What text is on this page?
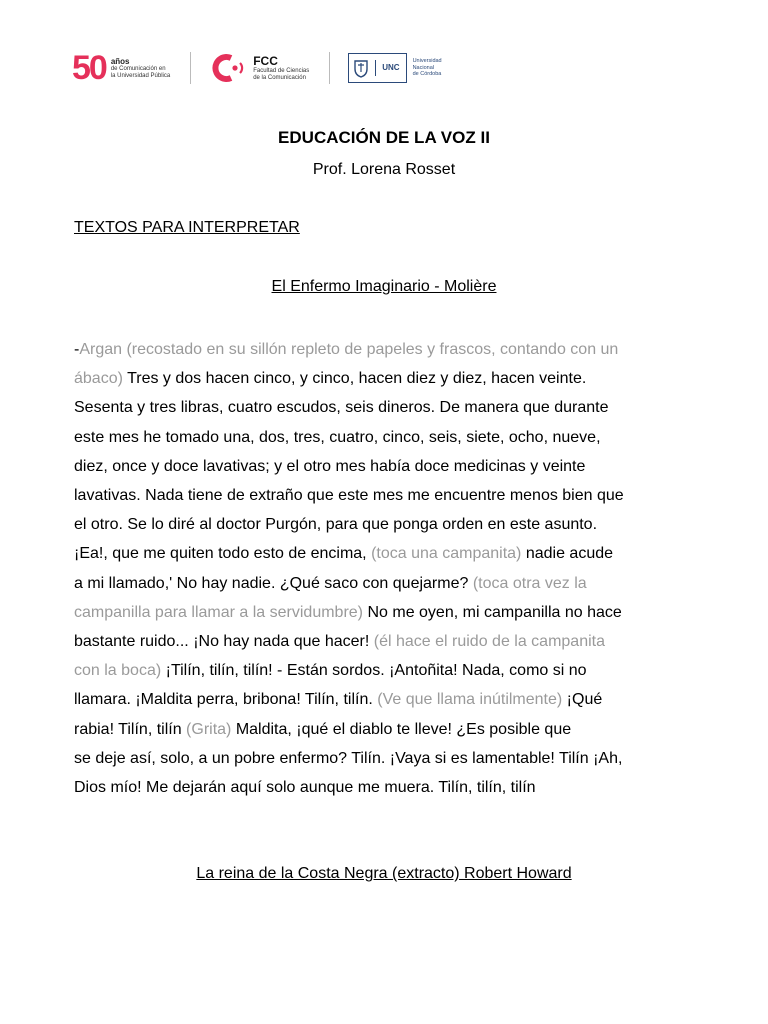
50 años
de Comunicación en
la Universidad Pública
FCC
Facultad de Ciencias
de la Comunicación
UNC
Universidad
Nacional
de Córdoba
EDUCACIÓN DE LA VOZ II
Prof. Lorena Rosset
TEXTOS PARA INTERPRETAR
El Enfermo Imaginario - Molière
-Argan (recostado en su sillón repleto de papeles y frascos, contando con un
ábaco) Tres y dos hacen cinco, y cinco, hacen diez y diez, hacen veinte.
Sesenta y tres libras, cuatro escudos, seis dineros. De manera que durante
este mes he tomado una, dos, tres, cuatro, cinco, seis, siete, ocho, nueve,
diez, once y doce lavativas; y el otro mes había doce medicinas y veinte
lavativas. Nada tiene de extraño que este mes me encuentre menos bien que
el otro. Se lo diré al doctor Purgón, para que ponga orden en este asunto.
¡Ea!, que me quiten todo esto de encima, (toca una campanita) nadie acude
a mi llamado,' No hay nadie. ¿Qué saco con quejarme? (toca otra vez la
campanilla para llamar a la servidumbre) No me oyen, mi campanilla no hace
bastante ruido... ¡No hay nada que hacer! (él hace el ruido de la campanita
con la boca) ¡Tilín, tilín, tilín! - Están sordos. ¡Antoñita! Nada, como si no
llamara. ¡Maldita perra, bribona! Tilín, tilín. (Ve que llama inútilmente) ¡Qué
rabia! Tilín, tilín (Grita) Maldita, ¡qué el diablo te lleve! ¿Es posible que
se deje así, solo, a un pobre enfermo? Tilín. ¡Vaya si es lamentable! Tilín ¡Ah,
Dios mío! Me dejarán aquí solo aunque me muera. Tilín, tilín, tilín
La reina de la Costa Negra (extracto) Robert Howard
